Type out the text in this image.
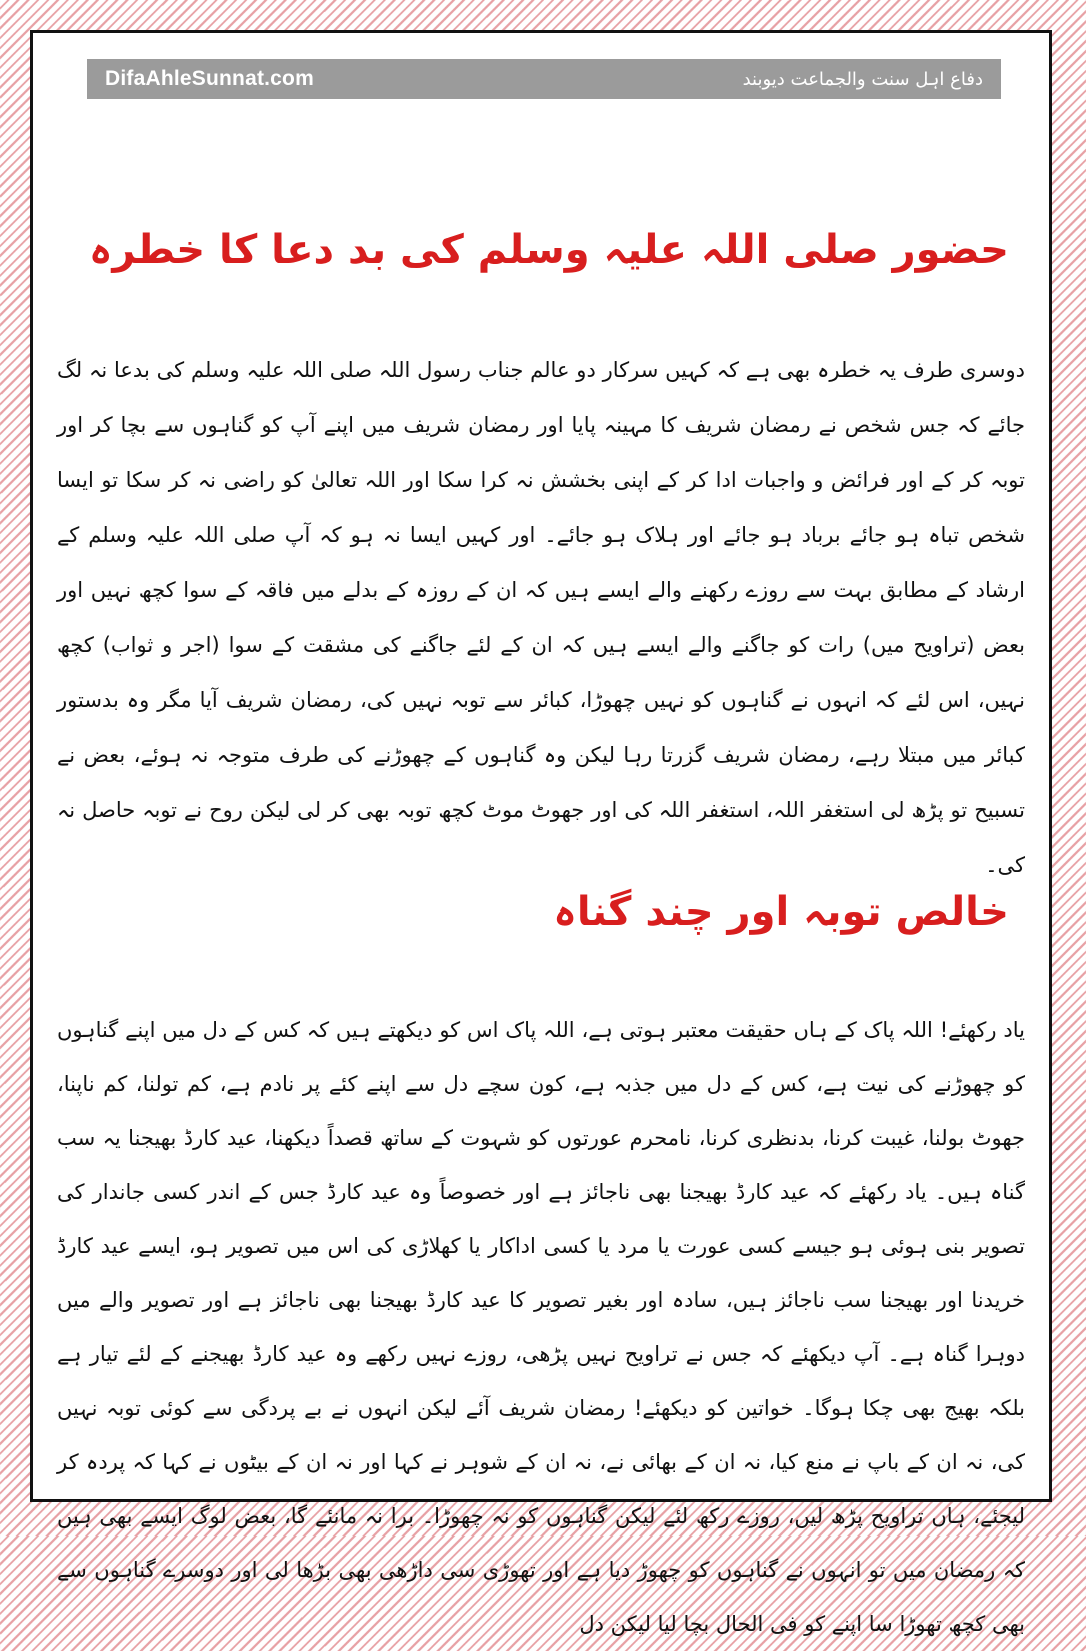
DifaAhleSunnat.com	دفاع اہل سنت والجماعت دیوبند
حضور صلی اللہ علیہ وسلم کی بد دعا کا خطرہ

دوسری طرف یہ خطرہ بھی ہے کہ کہیں سرکار دو عالم جناب رسول اللہ صلی اللہ علیہ وسلم کی بدعا نہ لگ جائے کہ جس شخص نے رمضان شریف کا مہینہ پایا اور رمضان شریف میں اپنے آپ کو گناہوں سے بچا کر اور توبہ کر کے اور فرائض و واجبات ادا کر کے اپنی بخشش نہ کرا سکا اور اللہ تعالیٰ کو راضی نہ کر سکا تو ایسا شخص تباہ ہو جائے برباد ہو جائے اور ہلاک ہو جائے۔ اور کہیں ایسا نہ ہو کہ آپ صلی اللہ علیہ وسلم کے ارشاد کے مطابق بہت سے روزے رکھنے والے ایسے ہیں کہ ان کے روزہ کے بدلے میں فاقہ کے سوا کچھ نہیں اور بعض (تراویح میں) رات کو جاگنے والے ایسے ہیں کہ ان کے لئے جاگنے کی مشقت کے سوا (اجر و ثواب) کچھ نہیں، اس لئے کہ انہوں نے گناہوں کو نہیں چھوڑا، کبائر سے توبہ نہیں کی، رمضان شریف آیا مگر وہ بدستور کبائر میں مبتلا رہے، رمضان شریف گزرتا رہا لیکن وہ گناہوں کے چھوڑنے کی طرف متوجہ نہ ہوئے، بعض نے تسبیح تو پڑھ لی استغفر اللہ، استغفر اللہ کی اور جھوٹ موٹ کچھ توبہ بھی کر لی لیکن روح نے توبہ حاصل نہ کی۔

خالص توبہ اور چند گناہ

یاد رکھئے! اللہ پاک کے ہاں حقیقت معتبر ہوتی ہے، اللہ پاک اس کو دیکھتے ہیں کہ کس کے دل میں اپنے گناہوں کو چھوڑنے کی نیت ہے، کس کے دل میں جذبہ ہے، کون سچے دل سے اپنے کئے پر نادم ہے، کم تولنا، کم ناپنا، جھوٹ بولنا، غیبت کرنا، بدنظری کرنا، نامحرم عورتوں کو شہوت کے ساتھ قصداً دیکھنا، عید کارڈ بھیجنا یہ سب گناہ ہیں۔ یاد رکھئے کہ عید کارڈ بھیجنا بھی ناجائز ہے اور خصوصاً وہ عید کارڈ جس کے اندر کسی جاندار کی تصویر بنی ہوئی ہو جیسے کسی عورت یا مرد یا کسی اداکار یا کھلاڑی کی اس میں تصویر ہو، ایسے عید کارڈ خریدنا اور بھیجنا سب ناجائز ہیں، سادہ اور بغیر تصویر کا عید کارڈ بھیجنا بھی ناجائز ہے اور تصویر والے میں دوہرا گناہ ہے۔ آپ دیکھئے کہ جس نے تراویح نہیں پڑھی، روزے نہیں رکھے وہ عید کارڈ بھیجنے کے لئے تیار ہے بلکہ بھیج بھی چکا ہوگا۔ خواتین کو دیکھئے! رمضان شریف آئے لیکن انہوں نے بے پردگی سے کوئی توبہ نہیں کی، نہ ان کے باپ نے منع کیا، نہ ان کے بھائی نے، نہ ان کے شوہر نے کہا اور نہ ان کے بیٹوں نے کہا کہ پردہ کر لیجئے، ہاں تراویح پڑھ لیں، روزے رکھ لئے لیکن گناہوں کو نہ چھوڑا۔ برا نہ مانئے گا، بعض لوگ ایسے بھی ہیں کہ رمضان میں تو انہوں نے گناہوں کو چھوڑ دیا ہے اور تھوڑی سی داڑھی بھی بڑھا لی اور دوسرے گناہوں سے بھی کچھ تھوڑا سا اپنے کو فی الحال بچا لیا لیکن دل
